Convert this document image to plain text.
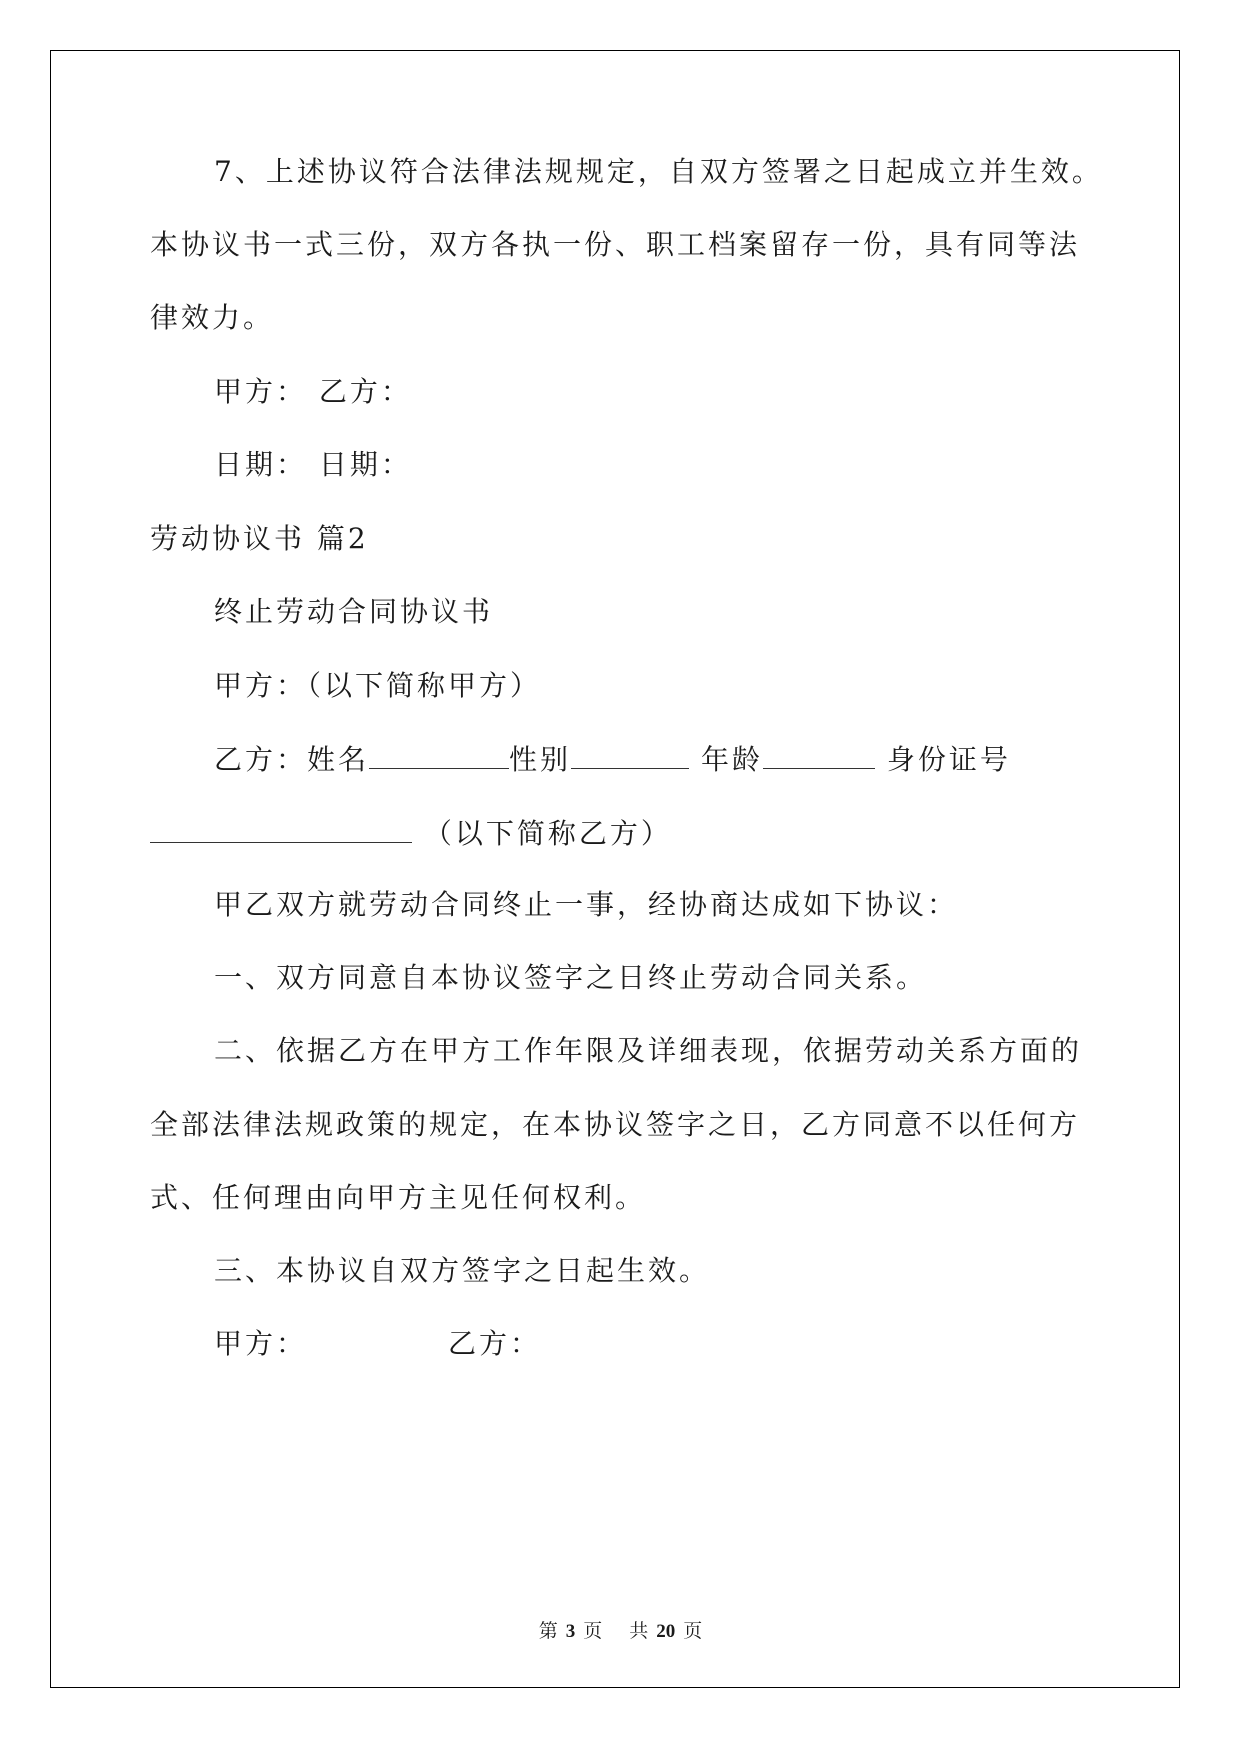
7、上述协议符合法律法规规定，自双方签署之日起成立并生效。
本协议书一式三份，双方各执一份、职工档案留存一份，具有同等法
律效力。
甲方： 乙方：
日期： 日期：
劳动协议书 篇2
终止劳动合同协议书
甲方：（以下简称甲方）
乙方：姓名	性别	年龄	身份证号
（以下简称乙方）
甲乙双方就劳动合同终止一事，经协商达成如下协议：
一、双方同意自本协议签字之日终止劳动合同关系。
二、依据乙方在甲方工作年限及详细表现，依据劳动关系方面的
全部法律法规政策的规定，在本协议签字之日，乙方同意不以任何方
式、任何理由向甲方主见任何权利。
三、本协议自双方签字之日起生效。
甲方：	乙方：
第 3 页 共 20 页
